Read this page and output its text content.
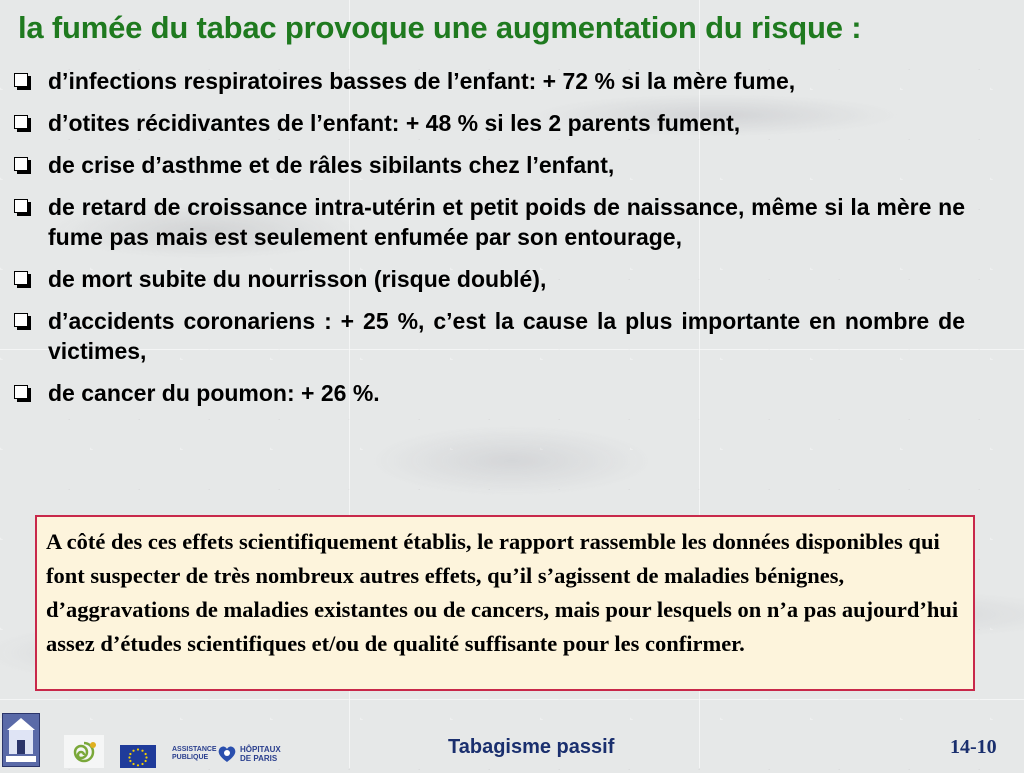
la fumée du tabac provoque une augmentation du risque :
d’infections respiratoires basses de l’enfant: + 72 % si la mère fume,
d’otites récidivantes de l’enfant: + 48 % si les 2 parents fument,
de crise d’asthme et de râles sibilants chez l’enfant,
de retard de croissance intra-utérin et petit poids de naissance, même si la mère ne fume pas mais est seulement enfumée par son entourage,
de mort subite du nourrisson (risque doublé),
d’accidents coronariens : + 25 %, c’est la cause la plus importante en nombre de victimes,
de cancer du poumon: + 26 %.
A côté des ces effets scientifiquement établis, le rapport rassemble les données disponibles qui font suspecter de très nombreux autres effets, qu’il s’agissent de maladies bénignes, d’aggravations de maladies existantes ou de cancers, mais pour lesquels on n’a pas aujourd’hui assez d’études scientifiques et/ou de qualité suffisante pour les confirmer.
ASSISTANCE
PUBLIQUE
HÔPITAUX
DE PARIS
Tabagisme passif	14-10
